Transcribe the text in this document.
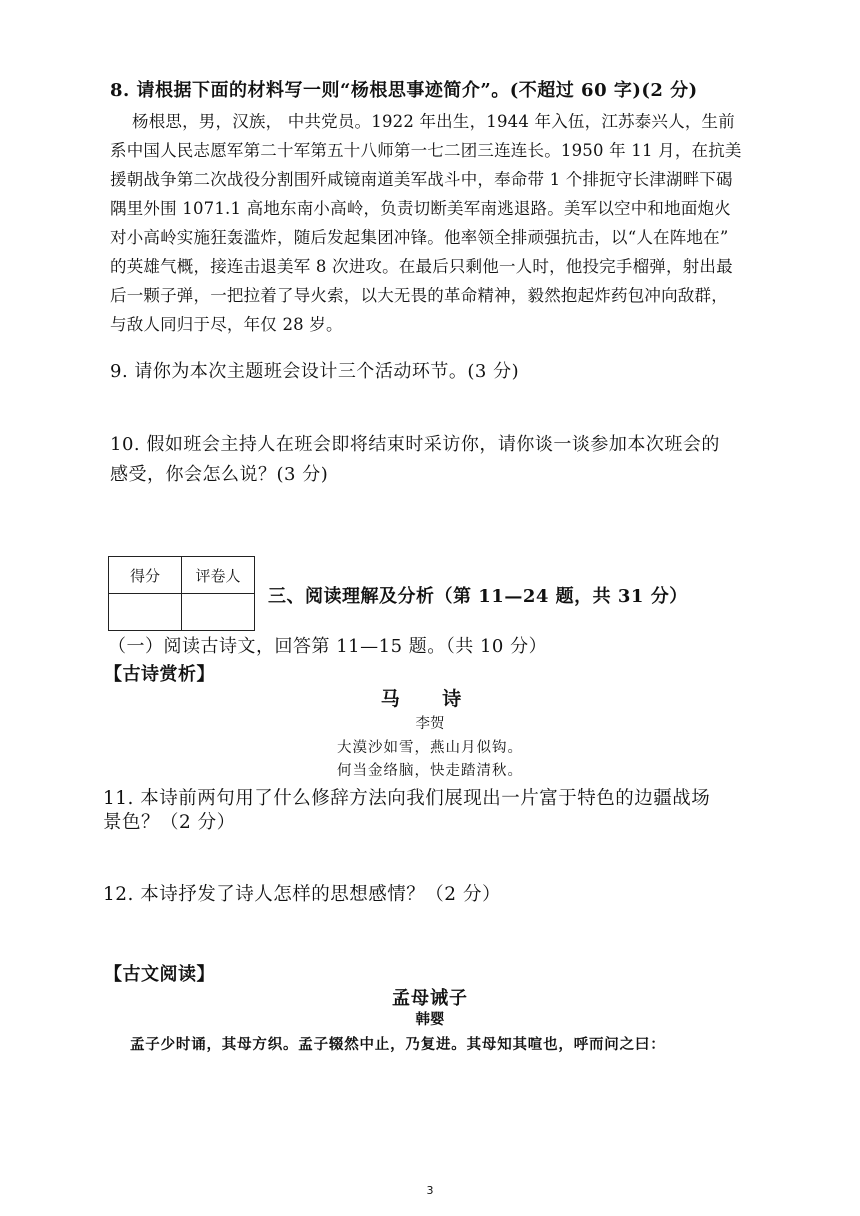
8. 请根据下面的材料写一则“杨根思事迹简介”。(不超过 60 字)(2 分)
杨根思，男，汉族， 中共党员。1922 年出生，1944 年入伍，江苏泰兴人，生前
系中国人民志愿军第二十军第五十八师第一七二团三连连长。1950 年 11 月，在抗美
援朝战争第二次战役分割围歼咸镜南道美军战斗中，奉命带 1 个排扼守长津湖畔下碣
隅里外围 1071.1 高地东南小高岭，负责切断美军南逃退路。美军以空中和地面炮火
对小高岭实施狂轰滥炸，随后发起集团冲锋。他率领全排顽强抗击，以“人在阵地在”
的英雄气概，接连击退美军 8 次进攻。在最后只剩他一人时，他投完手榴弹，射出最
后一颗子弹，一把拉着了导火索，以大无畏的革命精神，毅然抱起炸药包冲向敌群，
与敌人同归于尽，年仅 28 岁。
9. 请你为本次主题班会设计三个活动环节。(3 分)
10. 假如班会主持人在班会即将结束时采访你，请你谈一谈参加本次班会的
感受，你会怎么说？(3 分)
得分	评卷人

三、阅读理解及分析（第 11—24 题，共 31 分）
（一）阅读古诗文，回答第 11—15 题。（共 10 分）
【古诗赏析】
马 诗
李贺
大漠沙如雪，燕山月似钩。
何当金络脑，快走踏清秋。
11. 本诗前两句用了什么修辞方法向我们展现出一片富于特色的边疆战场
景色？（2 分）
12. 本诗抒发了诗人怎样的思想感情？（2 分）
【古文阅读】
孟母诫子
韩婴
孟子少时诵，其母方织。孟子辍然中止，乃复进。其母知其喧也，呼而问之曰：
3
